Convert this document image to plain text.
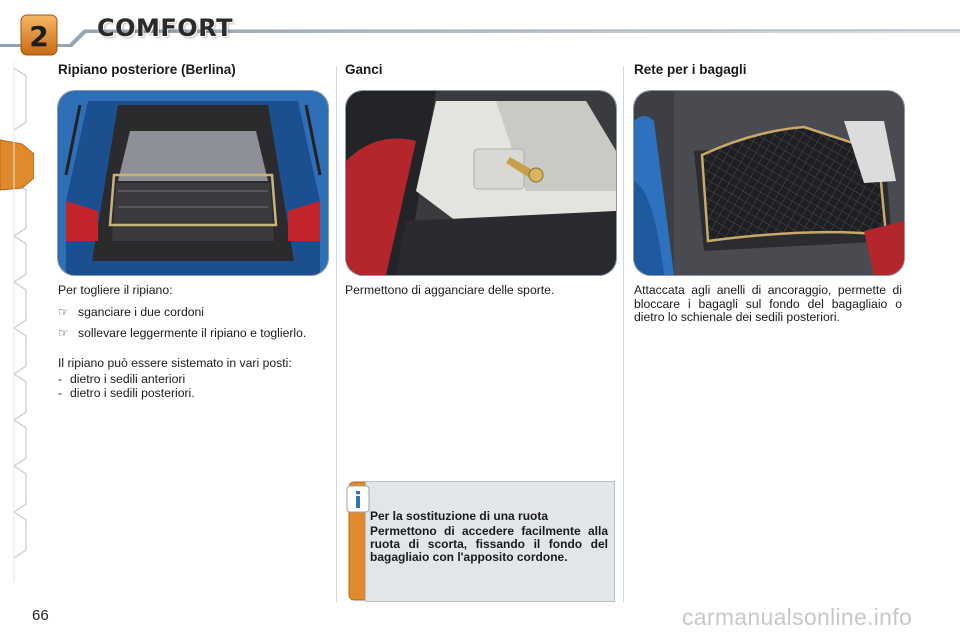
2 COMFORT
Ripiano posteriore (Berlina)
Per togliere il ripiano:
☞ sganciare i due cordoni
☞ sollevare leggermente il ripiano e toglierlo.
Il ripiano può essere sistemato in vari posti:
- dietro i sedili anteriori
- dietro i sedili posteriori.
Ganci
Permettono di agganciare delle sporte.
Rete per i bagagli
Attaccata agli anelli di ancoraggio, permette di bloccare i bagagli sul fondo del bagagliaio o dietro lo schienale dei sedili posteriori.
i
Per la sostituzione di una ruota
Permettono di accedere facilmente alla ruota di scorta, fissando il fondo del bagagliaio con l'apposito cordone.
66	carmanualsonline.info
